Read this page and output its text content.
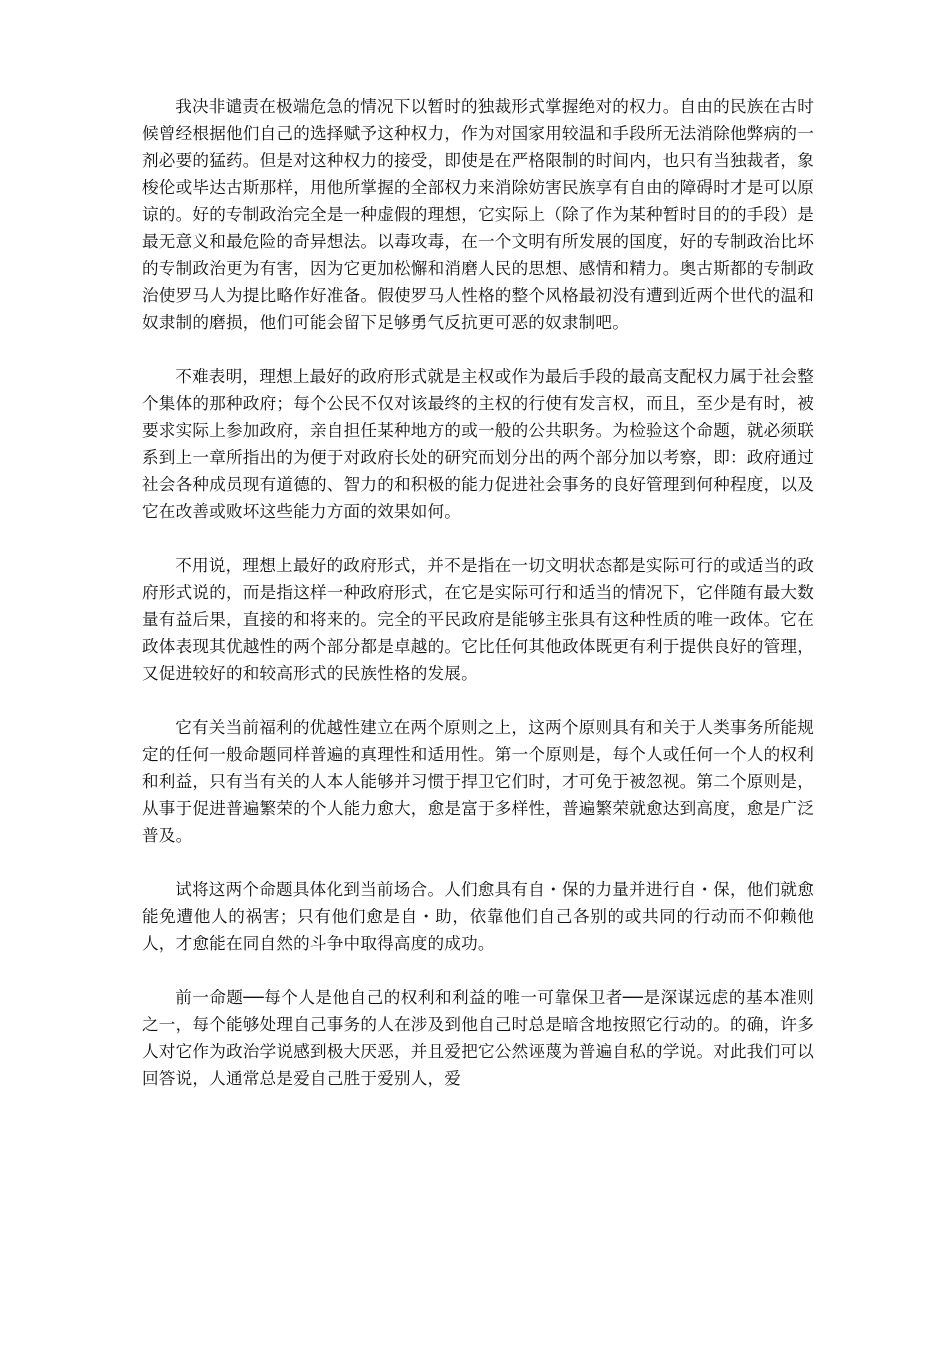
我决非谴责在极端危急的情况下以暂时的独裁形式掌握绝对的权力。自由的民族在古时候曾经根据他们自己的选择赋予这种权力，作为对国家用较温和手段所无法消除他弊病的一剂必要的猛药。但是对这种权力的接受，即使是在严格限制的时间内，也只有当独裁者，象梭伦或毕达古斯那样，用他所掌握的全部权力来消除妨害民族享有自由的障碍时才是可以原谅的。好的专制政治完全是一种虚假的理想，它实际上（除了作为某种暂时目的的手段）是最无意义和最危险的奇异想法。以毒攻毒，在一个文明有所发展的国度，好的专制政治比坏的专制政治更为有害，因为它更加松懈和消磨人民的思想、感情和精力。奥古斯都的专制政治使罗马人为提比略作好准备。假使罗马人性格的整个风格最初没有遭到近两个世代的温和奴隶制的磨损，他们可能会留下足够勇气反抗更可恶的奴隶制吧。

不难表明，理想上最好的政府形式就是主权或作为最后手段的最高支配权力属于社会整个集体的那种政府；每个公民不仅对该最终的主权的行使有发言权，而且，至少是有时，被要求实际上参加政府，亲自担任某种地方的或一般的公共职务。为检验这个命题，就必须联系到上一章所指出的为便于对政府长处的研究而划分出的两个部分加以考察，即：政府通过社会各种成员现有道德的、智力的和积极的能力促进社会事务的良好管理到何种程度，以及它在改善或败坏这些能力方面的效果如何。

不用说，理想上最好的政府形式，并不是指在一切文明状态都是实际可行的或适当的政府形式说的，而是指这样一种政府形式，在它是实际可行和适当的情况下，它伴随有最大数量有益后果，直接的和将来的。完全的平民政府是能够主张具有这种性质的唯一政体。它在政体表现其优越性的两个部分都是卓越的。它比任何其他政体既更有利于提供良好的管理，又促进较好的和较高形式的民族性格的发展。

它有关当前福利的优越性建立在两个原则之上，这两个原则具有和关于人类事务所能规定的任何一般命题同样普遍的真理性和适用性。第一个原则是，每个人或任何一个人的权利和利益，只有当有关的人本人能够并习惯于捍卫它们时，才可免于被忽视。第二个原则是，从事于促进普遍繁荣的个人能力愈大，愈是富于多样性，普遍繁荣就愈达到高度，愈是广泛普及。

试将这两个命题具体化到当前场合。人们愈具有自・保的力量并进行自・保，他们就愈能免遭他人的祸害；只有他们愈是自・助，依靠他们自己各别的或共同的行动而不仰赖他人，才愈能在同自然的斗争中取得高度的成功。

前一命题──每个人是他自己的权利和利益的唯一可靠保卫者──是深谋远虑的基本准则之一，每个能够处理自己事务的人在涉及到他自己时总是暗含地按照它行动的。的确，许多人对它作为政治学说感到极大厌恶，并且爱把它公然诬蔑为普遍自私的学说。对此我们可以回答说，人通常总是爱自己胜于爱别人，爱
